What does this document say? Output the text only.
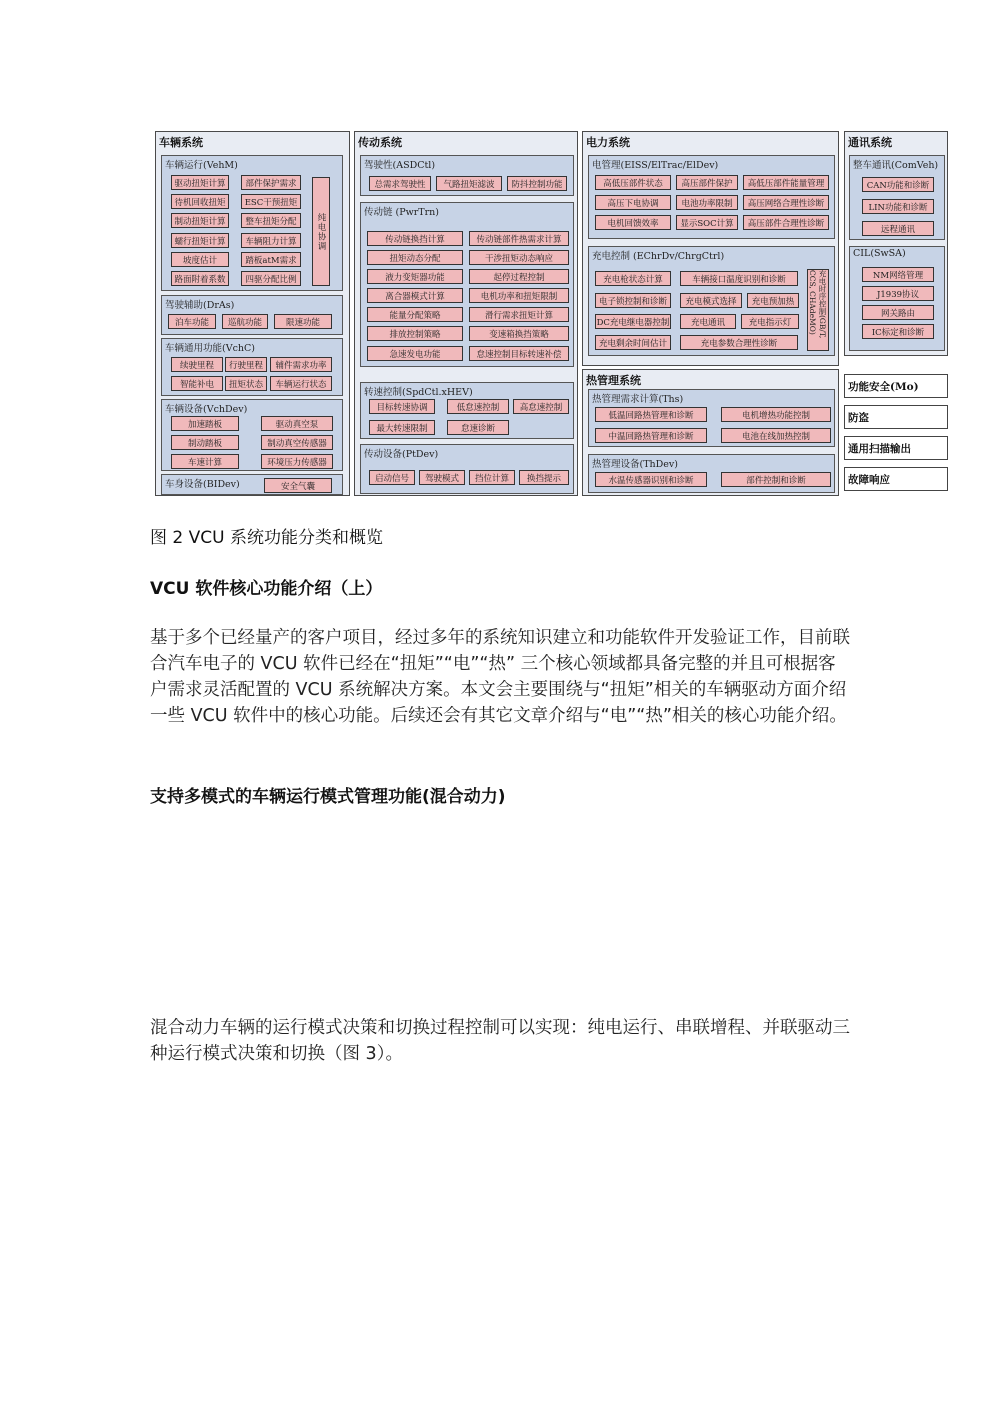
车辆系统
车辆运行(VehM)
驱动扭矩计算	部件保护需求
待机回收扭矩	ESC干预扭矩
制动扭矩计算	整车扭矩分配
蠕行扭矩计算	车辆阻力计算
坡度估计	踏板atM需求
路面附着系数	四驱分配比例
纯电协调
驾驶辅助(DrAs)
泊车功能	巡航功能	限速功能
车辆通用功能(VchC)
续驶里程	行驶里程	辅件需求功率
智能补电	扭矩状态	车辆运行状态
车辆设备(VchDev)
加速踏板	驱动真空泵
制动踏板	制动真空传感器
车速计算	环境压力传感器
车身设备(BIDev)	安全气囊
传动系统
驾驶性(ASDCtl)
总需求驾驶性	气路扭矩滤波	防抖控制功能
传动链 (PwrTrn)
传动链换挡计算	传动链部件热需求计算
扭矩动态分配	干涉扭矩动态响应
液力变矩器功能	起停过程控制
离合器模式计算	电机功率和扭矩限制
能量分配策略	滑行需求扭矩计算
排放控制策略	变速箱换挡策略
急速发电功能	怠速控制目标转速补偿
转速控制(SpdCtl.xHEV)
目标转速协调	低怠速控制	高怠速控制
最大转速限制	怠速诊断
传动设备(PtDev)
启动信号	驾驶模式	挡位计算	换挡提示
电力系统
电管理(EISS/ElTrac/ElDev)
高低压部件状态	高压部件保护	高低压部件能量管理
高压下电协调	电池功率限制	高压网络合理性诊断
电机回馈效率	显示SOC计算	高压部件合理性诊断
充电控制 (EChrDv/ChrgCtrl)
充电枪状态计算	车辆接口温度识别和诊断
电子锁控制和诊断	充电模式选择	充电预加热
DC充电继电器控制	充电通讯	充电指示灯
充电剩余时间估计	充电参数合理性诊断
充电时序控制(GB/T, CCS, CHAdeMO)
热管理系统
热管理需求计算(Ths)
低温回路热管理和诊断	电机增热功能控制
中温回路热管理和诊断	电池在线加热控制
热管理设备(ThDev)
水温传感器识别和诊断	部件控制和诊断
通讯系统
整车通讯(ComVeh)
CAN功能和诊断
LIN功能和诊断
远程通讯
CIL(SwSA)
NM网络管理
J1939协议
网关路由
IC标定和诊断
功能安全(Mo)
防盗
通用扫描输出
故障响应
图 2 VCU 系统功能分类和概览
VCU 软件核心功能介绍（上）
基于多个已经量产的客户项目，经过多年的系统知识建立和功能软件开发验证工作，目前联合汽车电子的 VCU 软件已经在“扭矩”“电”“热” 三个核心领域都具备完整的并且可根据客户需求灵活配置的 VCU 系统解决方案。本文会主要围绕与“扭矩”相关的车辆驱动方面介绍一些 VCU 软件中的核心功能。后续还会有其它文章介绍与“电”“热”相关的核心功能介绍。
支持多模式的车辆运行模式管理功能(混合动力)
混合动力车辆的运行模式决策和切换过程控制可以实现：纯电运行、串联增程、并联驱动三种运行模式决策和切换（图 3）。
